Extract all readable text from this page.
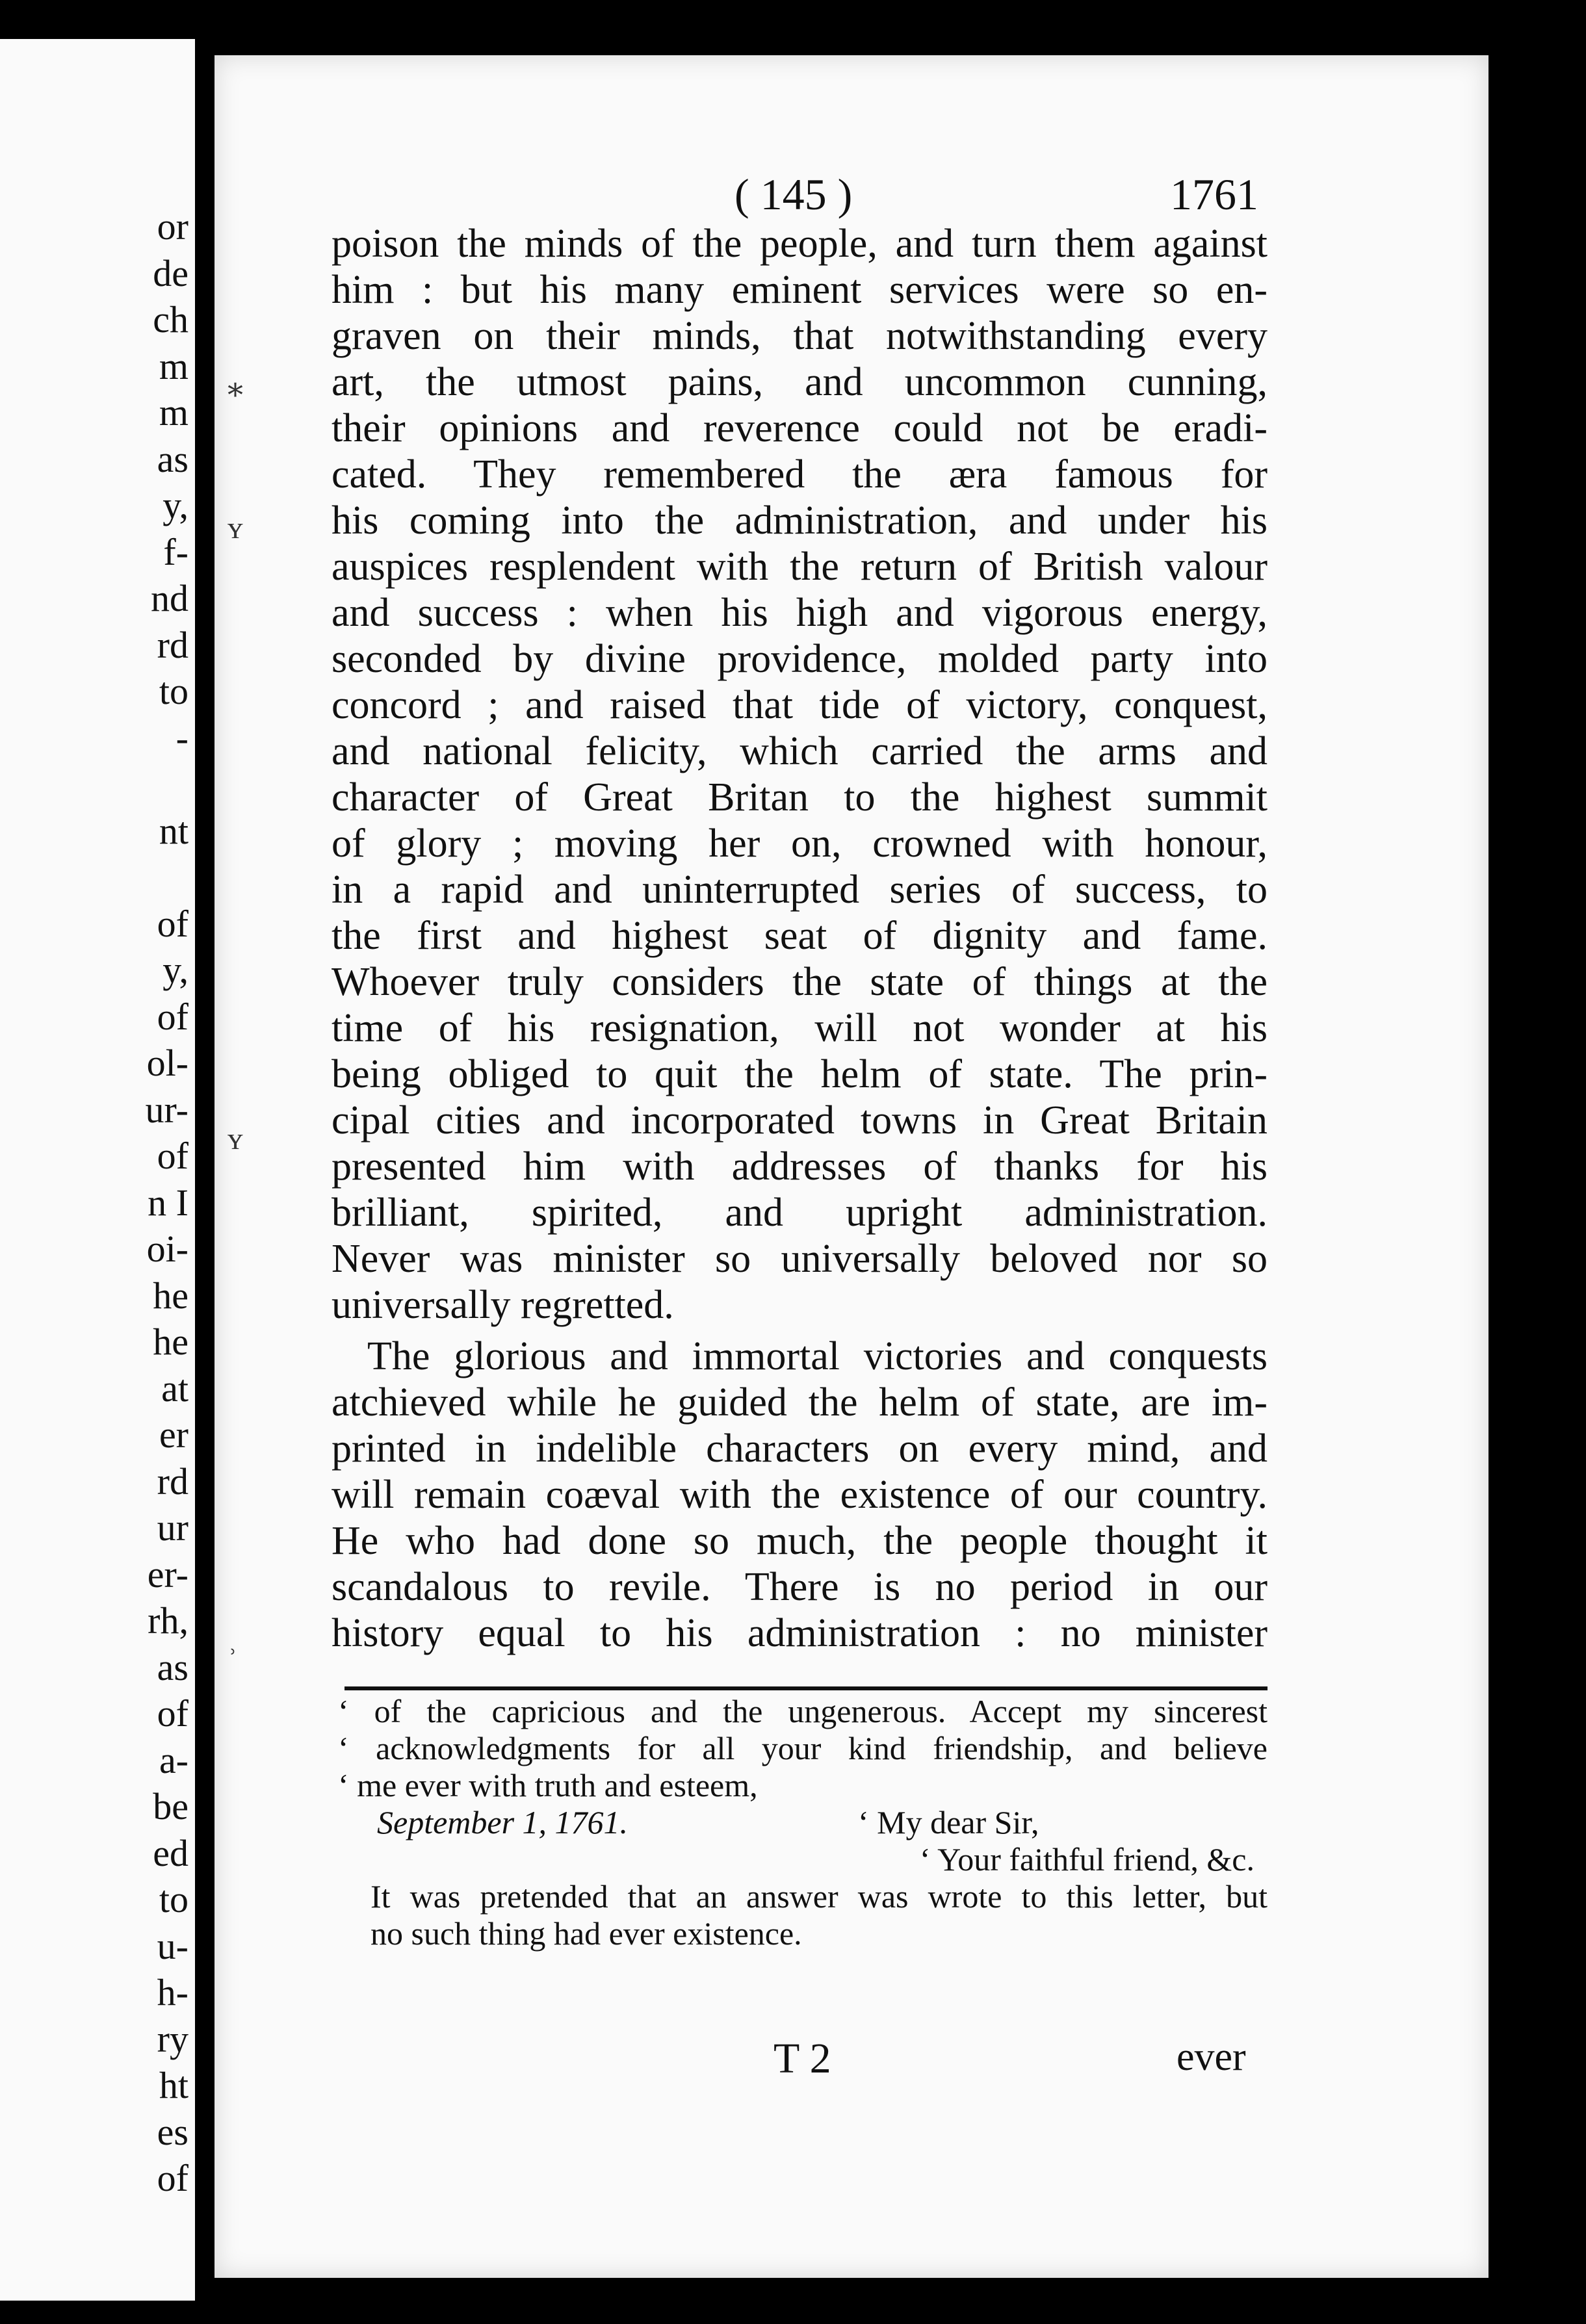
or
de
ch
m
m
as
y,
f-
nd
rd
to
-
nt
of
y,
of
ol-
ur-
of
n I
oi-
he
he
at
er
rd
ur
er-
rh,
as
of
a-
be
ed
to
u-
h-
ry
ht
es
of
⁎
ʏ
ʏ
˒
( 145 )	1761
poison the minds of the people, and turn them against
him : but his many eminent services were so en-
graven on their minds, that notwithstanding every
art, the utmost pains, and uncommon cunning,
their opinions and reverence could not be eradi-
cated. They remembered the æra famous for
his coming into the administration, and under his
auspices resplendent with the return of British valour
and success : when his high and vigorous energy,
seconded by divine providence, molded party into
concord ; and raised that tide of victory, conquest,
and national felicity, which carried the arms and
character of Great Britan to the highest summit
of glory ; moving her on, crowned with honour,
in a rapid and uninterrupted series of success, to
the first and highest seat of dignity and fame.
Whoever truly considers the state of things at the
time of his resignation, will not wonder at his
being obliged to quit the helm of state. The prin-
cipal cities and incorporated towns in Great Britain
presented him with addresses of thanks for his
brilliant, spirited, and upright administration.
Never was minister so universally beloved nor so
universally regretted.
The glorious and immortal victories and conquests
atchieved while he guided the helm of state, are im-
printed in indelible characters on every mind, and
will remain coæval with the existence of our country.
He who had done so much, the people thought it
scandalous to revile. There is no period in our
history equal to his administration : no minister
‘ of the capricious and the ungenerous. Accept my sincerest
‘ acknowledgments for all your kind friendship, and believe
‘ me ever with truth and esteem,
September 1, 1761.	‘ My dear Sir,
‘ Your faithful friend, &c.
It was pretended that an answer was wrote to this letter, but
no such thing had ever existence.
T 2	ever
